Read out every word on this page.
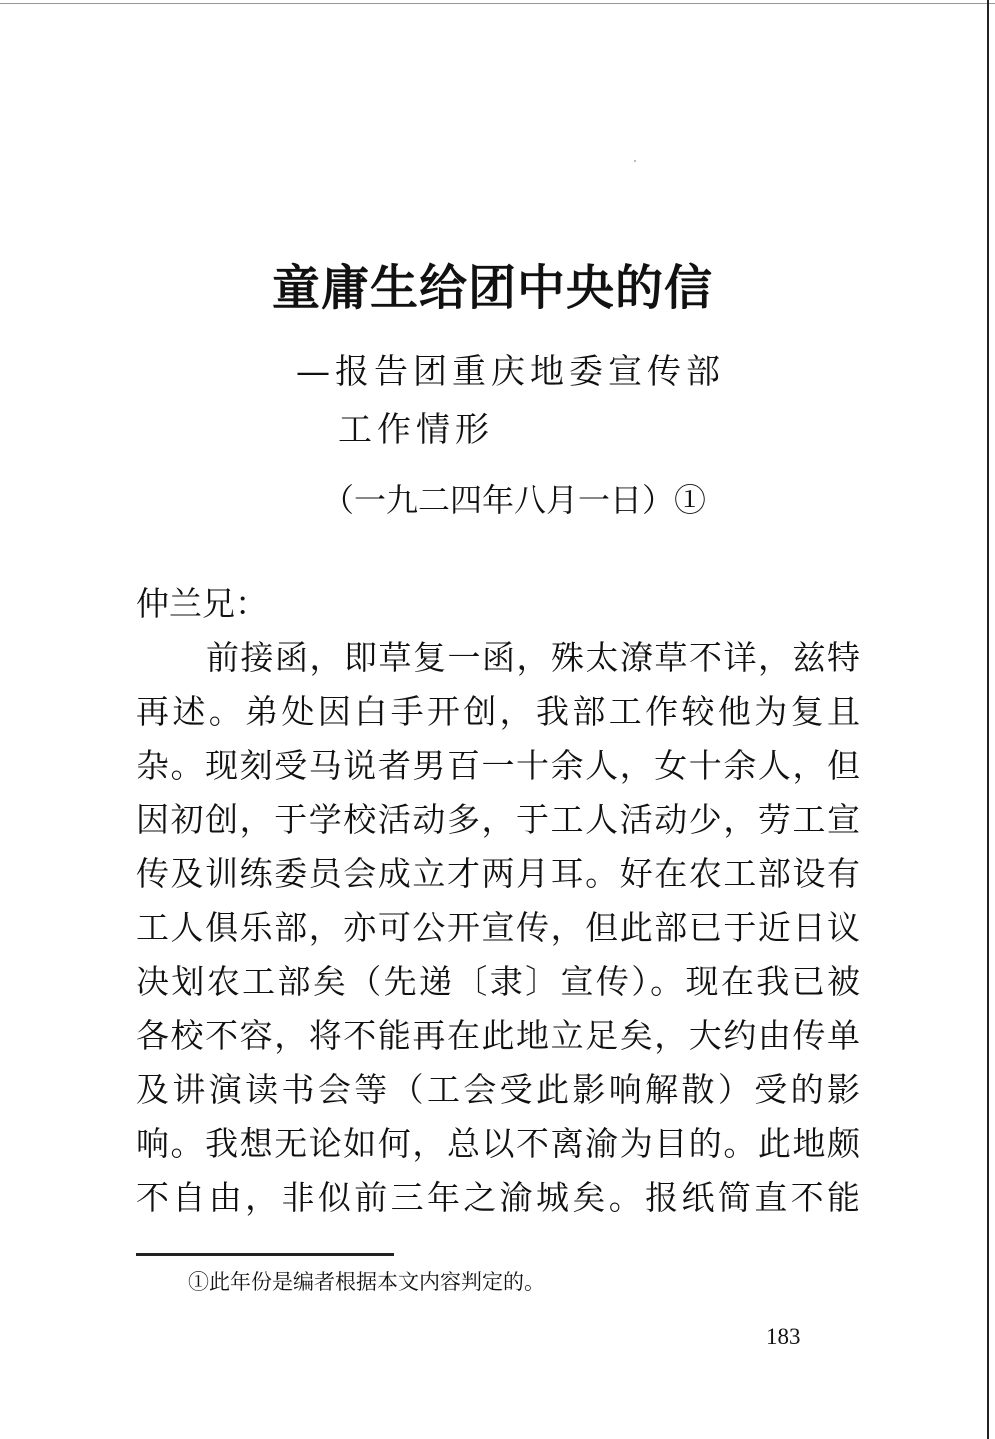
童庸生给团中央的信
—报告团重庆地委宣传部
工作情形
（一九二四年八月一日）①
仲兰兄：
前接函，即草复一函，殊太潦草不详，兹特
再述。弟处因白手开创，我部工作较他为复且
杂。现刻受马说者男百一十余人，女十余人，但
因初创，于学校活动多，于工人活动少，劳工宣
传及训练委员会成立才两月耳。好在农工部设有
工人俱乐部，亦可公开宣传，但此部已于近日议
决划农工部矣（先递〔隶〕宣传）。现在我已被
各校不容，将不能再在此地立足矣，大约由传单
及讲演读书会等（工会受此影响解散）受的影
响。我想无论如何，总以不离渝为目的。此地颇
不自由，非似前三年之渝城矣。报纸简直不能
①此年份是编者根据本文内容判定的。
183
